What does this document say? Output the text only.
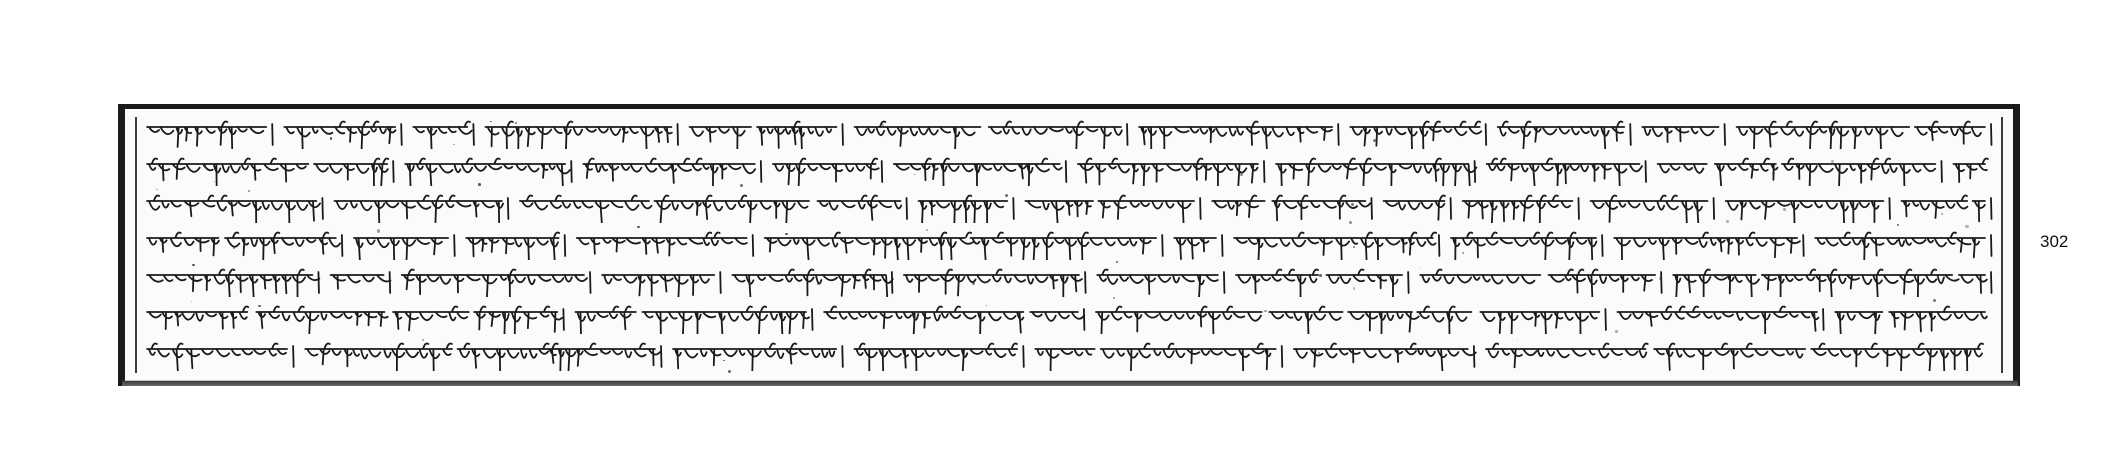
302
